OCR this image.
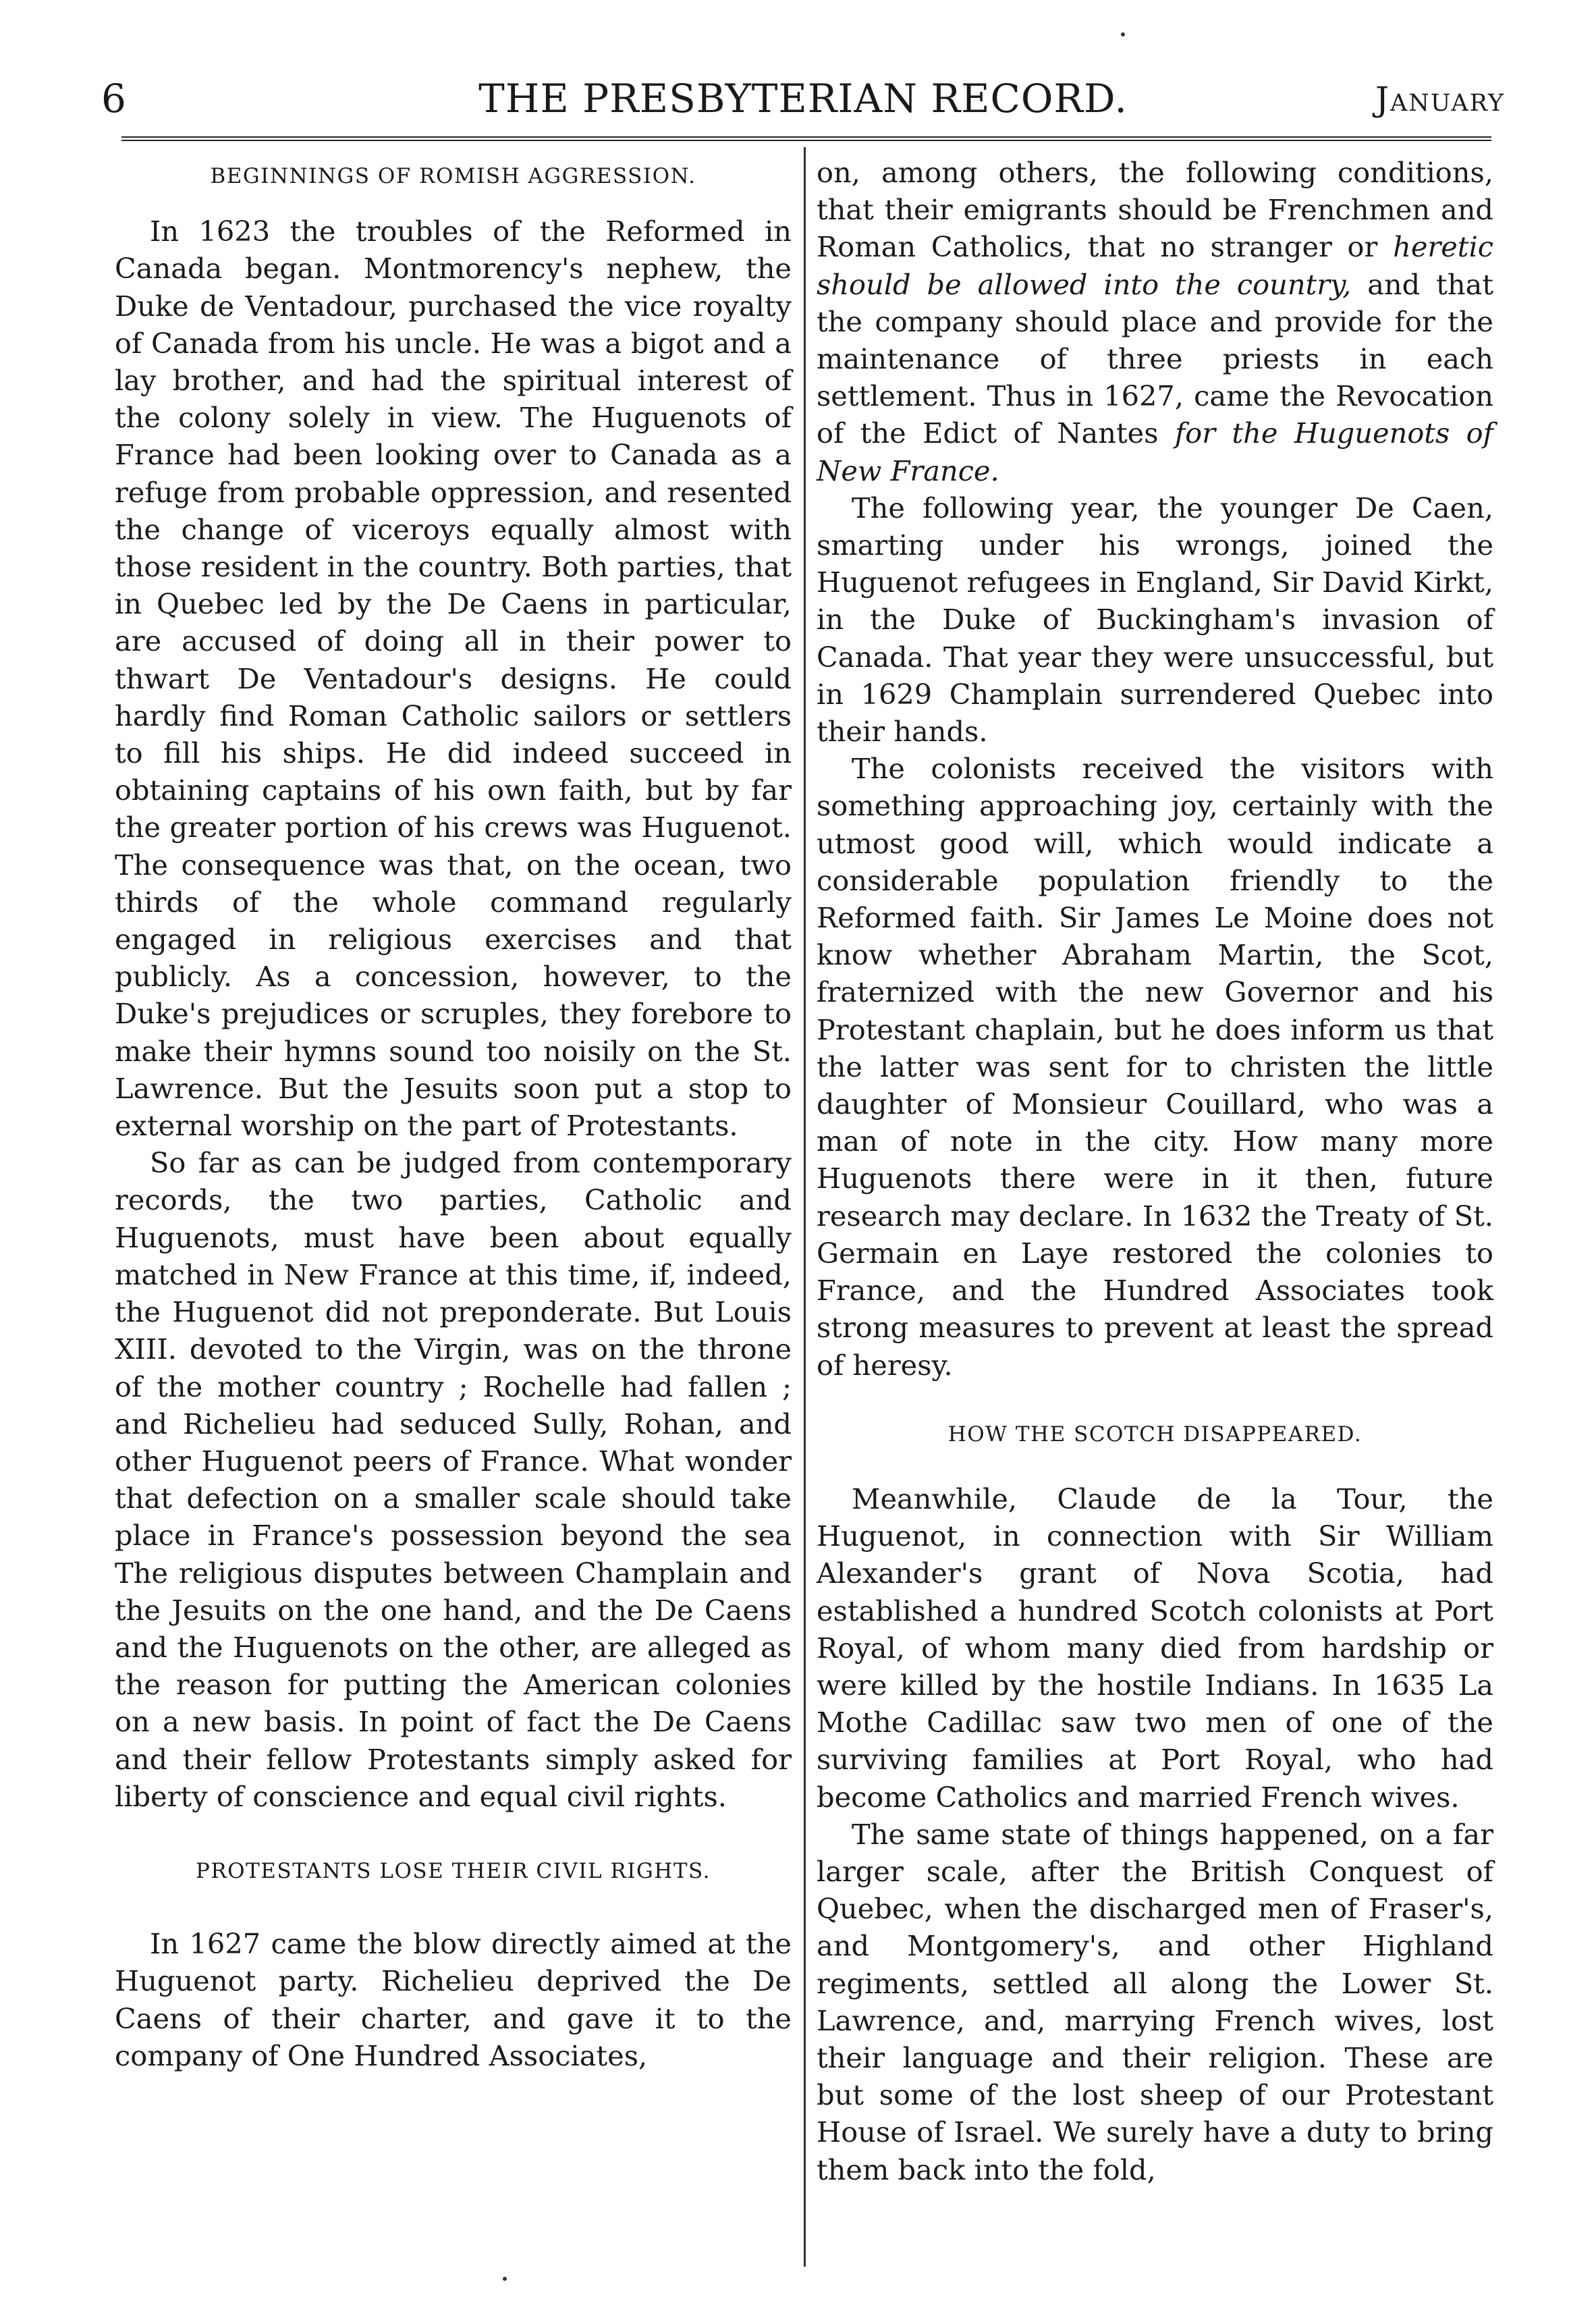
6	THE PRESBYTERIAN RECORD.	January
BEGINNINGS OF ROMISH AGGRESSION.

In 1623 the troubles of the Reformed in Canada began. Montmorency's nephew, the Duke de Ventadour, purchased the vice royalty of Canada from his uncle. He was a bigot and a lay brother, and had the spiritual interest of the colony solely in view. The Huguenots of France had been looking over to Canada as a refuge from probable oppression, and resented the change of viceroys equally almost with those resident in the country. Both parties, that in Quebec led by the De Caens in particular, are accused of doing all in their power to thwart De Ventadour's designs. He could hardly find Roman Catholic sailors or settlers to fill his ships. He did indeed succeed in obtaining captains of his own faith, but by far the greater portion of his crews was Huguenot. The consequence was that, on the ocean, two thirds of the whole command regularly engaged in religious exercises and that publicly. As a concession, however, to the Duke's prejudices or scruples, they forebore to make their hymns sound too noisily on the St. Lawrence. But the Jesuits soon put a stop to external worship on the part of Protestants.

So far as can be judged from contemporary records, the two parties, Catholic and Huguenots, must have been about equally matched in New France at this time, if, indeed, the Huguenot did not preponderate. But Louis XIII. devoted to the Virgin, was on the throne of the mother country ; Rochelle had fallen ; and Richelieu had seduced Sully, Rohan, and other Huguenot peers of France. What wonder that defection on a smaller scale should take place in France's possession beyond the sea The religious disputes between Champlain and the Jesuits on the one hand, and the De Caens and the Huguenots on the other, are alleged as the reason for putting the American colonies on a new basis. In point of fact the De Caens and their fellow Protestants simply asked for liberty of conscience and equal civil rights.

PROTESTANTS LOSE THEIR CIVIL RIGHTS.

In 1627 came the blow directly aimed at the Huguenot party. Richelieu deprived the De Caens of their charter, and gave it to the company of One Hundred Associates,

on, among others, the following conditions, that their emigrants should be Frenchmen and Roman Catholics, that no stranger or heretic should be allowed into the country, and that the company should place and provide for the maintenance of three priests in each settlement. Thus in 1627, came the Revocation of the Edict of Nantes for the Huguenots of New France.

The following year, the younger De Caen, smarting under his wrongs, joined the Huguenot refugees in England, Sir David Kirkt, in the Duke of Buckingham's invasion of Canada. That year they were unsuccessful, but in 1629 Champlain surrendered Quebec into their hands.

The colonists received the visitors with something approaching joy, certainly with the utmost good will, which would indicate a considerable population friendly to the Reformed faith. Sir James Le Moine does not know whether Abraham Martin, the Scot, fraternized with the new Governor and his Protestant chaplain, but he does inform us that the latter was sent for to christen the little daughter of Monsieur Couillard, who was a man of note in the city. How many more Huguenots there were in it then, future research may declare. In 1632 the Treaty of St. Germain en Laye restored the colonies to France, and the Hundred Associates took strong measures to prevent at least the spread of heresy.

HOW THE SCOTCH DISAPPEARED.

Meanwhile, Claude de la Tour, the Huguenot, in connection with Sir William Alexander's grant of Nova Scotia, had established a hundred Scotch colonists at Port Royal, of whom many died from hardship or were killed by the hostile Indians. In 1635 La Mothe Cadillac saw two men of one of the surviving families at Port Royal, who had become Catholics and married French wives.

The same state of things happened, on a far larger scale, after the British Conquest of Quebec, when the discharged men of Fraser's, and Montgomery's, and other Highland regiments, settled all along the Lower St. Lawrence, and, marrying French wives, lost their language and their religion. These are but some of the lost sheep of our Protestant House of Israel. We surely have a duty to bring them back into the fold,
